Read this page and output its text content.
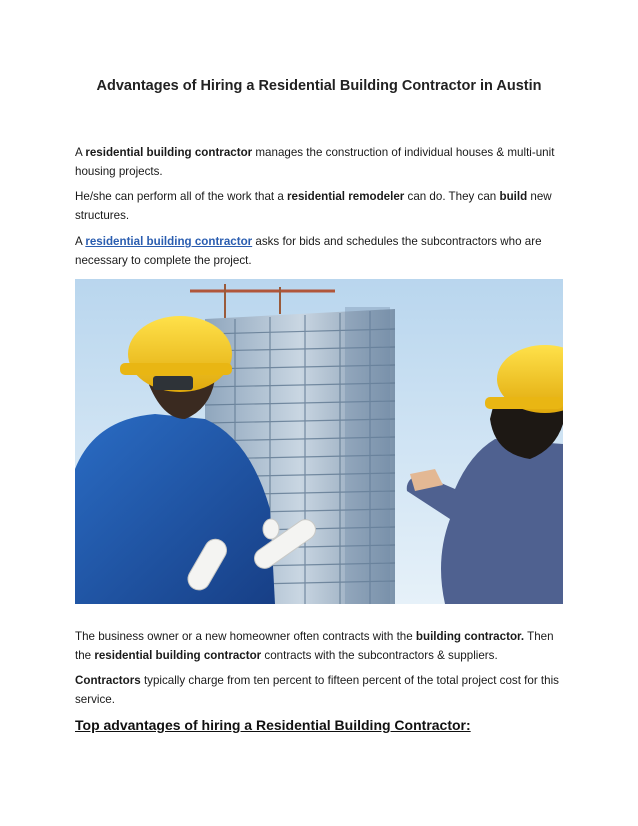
Advantages of Hiring a Residential Building Contractor in Austin

A residential building contractor manages the construction of individual houses & multi-unit housing projects.

He/she can perform all of the work that a residential remodeler can do. They can build new structures.

A residential building contractor asks for bids and schedules the subcontractors who are necessary to complete the project.

The business owner or a new homeowner often contracts with the building contractor. Then the residential building contractor contracts with the subcontractors & suppliers.

Contractors typically charge from ten percent to fifteen percent of the total project cost for this service.

Top advantages of hiring a Residential Building Contractor:
